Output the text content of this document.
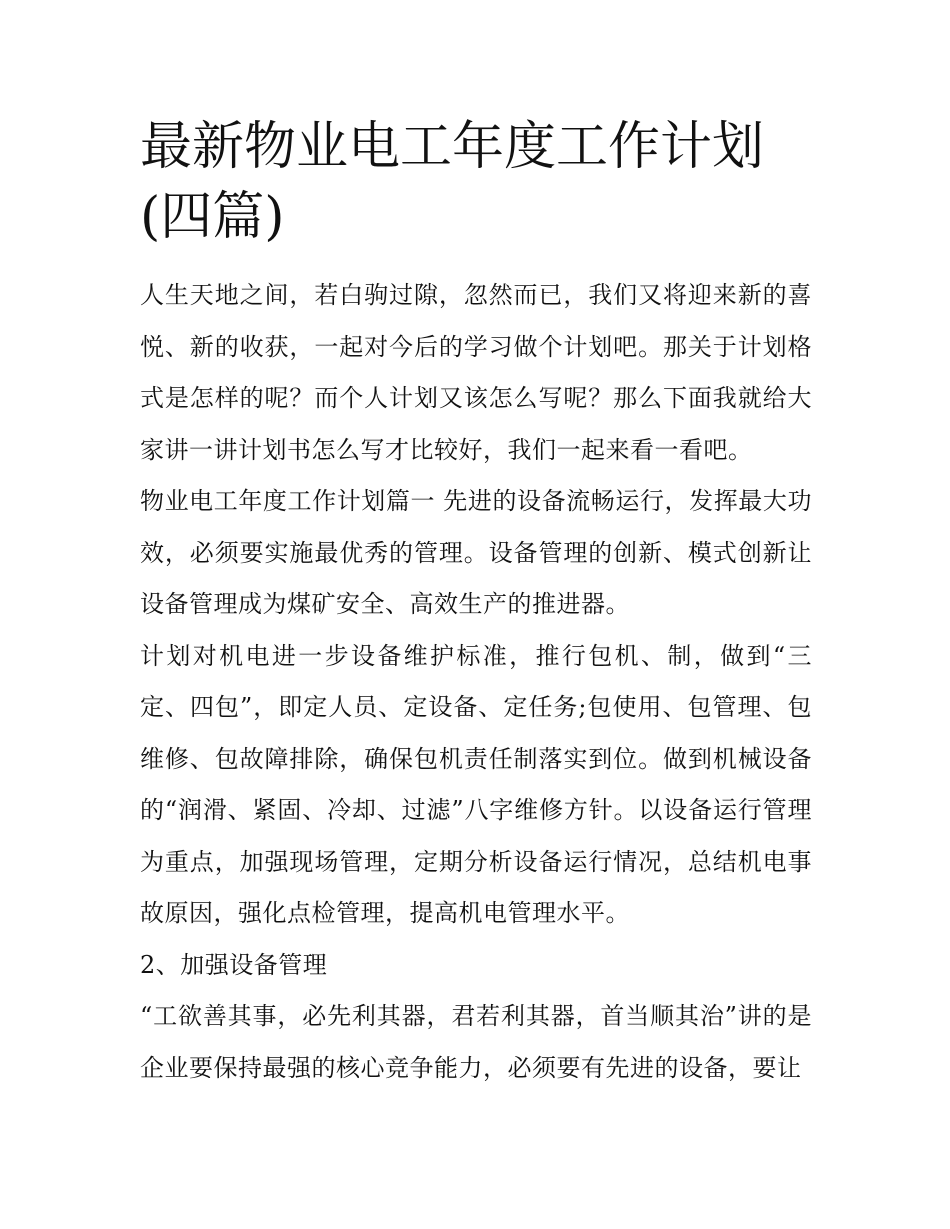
最新物业电工年度工作计划(四篇)

人生天地之间，若白驹过隙，忽然而已，我们又将迎来新的喜悦、新的收获，一起对今后的学习做个计划吧。那关于计划格式是怎样的呢？而个人计划又该怎么写呢？那么下面我就给大家讲一讲计划书怎么写才比较好，我们一起来看一看吧。

物业电工年度工作计划篇一 先进的设备流畅运行，发挥最大功效，必须要实施最优秀的管理。设备管理的创新、模式创新让设备管理成为煤矿安全、高效生产的推进器。

计划对机电进一步设备维护标准，推行包机、制，做到“三定、四包”，即定人员、定设备、定任务;包使用、包管理、包维修、包故障排除，确保包机责任制落实到位。做到机械设备的“润滑、紧固、冷却、过滤”八字维修方针。以设备运行管理为重点，加强现场管理，定期分析设备运行情况，总结机电事故原因，强化点检管理，提高机电管理水平。

2、加强设备管理

“工欲善其事，必先利其器，君若利其器，首当顺其治”讲的是企业要保持最强的核心竞争能力，必须要有先进的设备，要让
